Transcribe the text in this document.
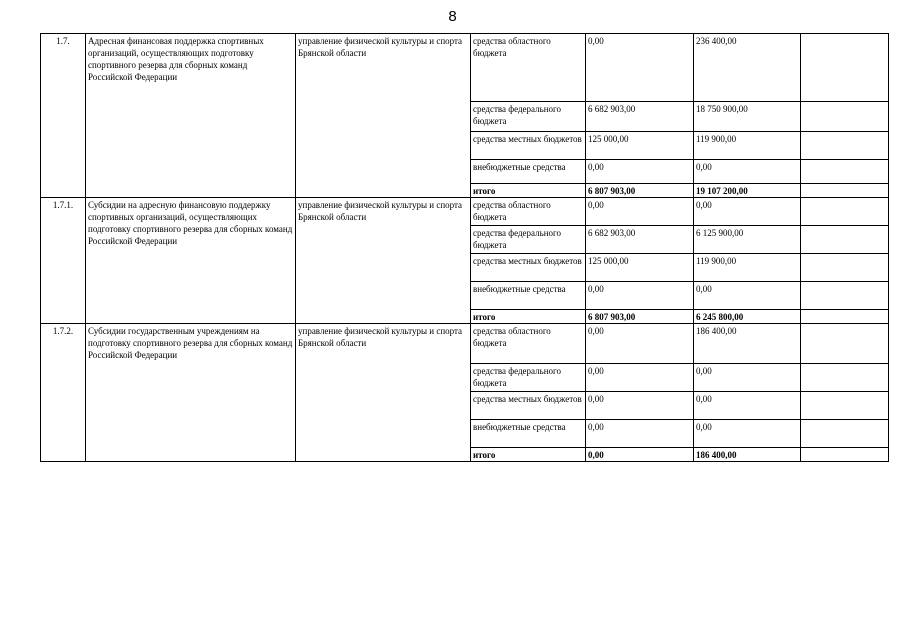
8
1.7.	Адресная финансовая поддержка спортивных организаций, осуществляющих подготовку спортивного резерва для сборных команд Российской Федерации	управление физической культуры и спорта Брянской области	средства областного бюджета	0,00	236 400,00	
			средства федерального бюджета	6 682 903,00	18 750 900,00	
			средства местных бюджетов	125 000,00	119 900,00	
			внебюджетные средства	0,00	0,00	
			итого	6 807 903,00	19 107 200,00	
1.7.1.	Субсидии на адресную финансовую поддержку спортивных организаций, осуществляющих подготовку спортивного резерва для сборных команд Российской Федерации	управление физической культуры и спорта Брянской области	средства областного бюджета	0,00	0,00	
			средства федерального бюджета	6 682 903,00	6 125 900,00	
			средства местных бюджетов	125 000,00	119 900,00	
			внебюджетные средства	0,00	0,00	
			итого	6 807 903,00	6 245 800,00	
1.7.2.	Субсидии государственным учреждениям на подготовку спортивного резерва для сборных команд Российской Федерации	управление физической культуры и спорта Брянской области	средства областного бюджета	0,00	186 400,00	
			средства федерального бюджета	0,00	0,00	
			средства местных бюджетов	0,00	0,00	
			внебюджетные средства	0,00	0,00	
			итого	0,00	186 400,00	
